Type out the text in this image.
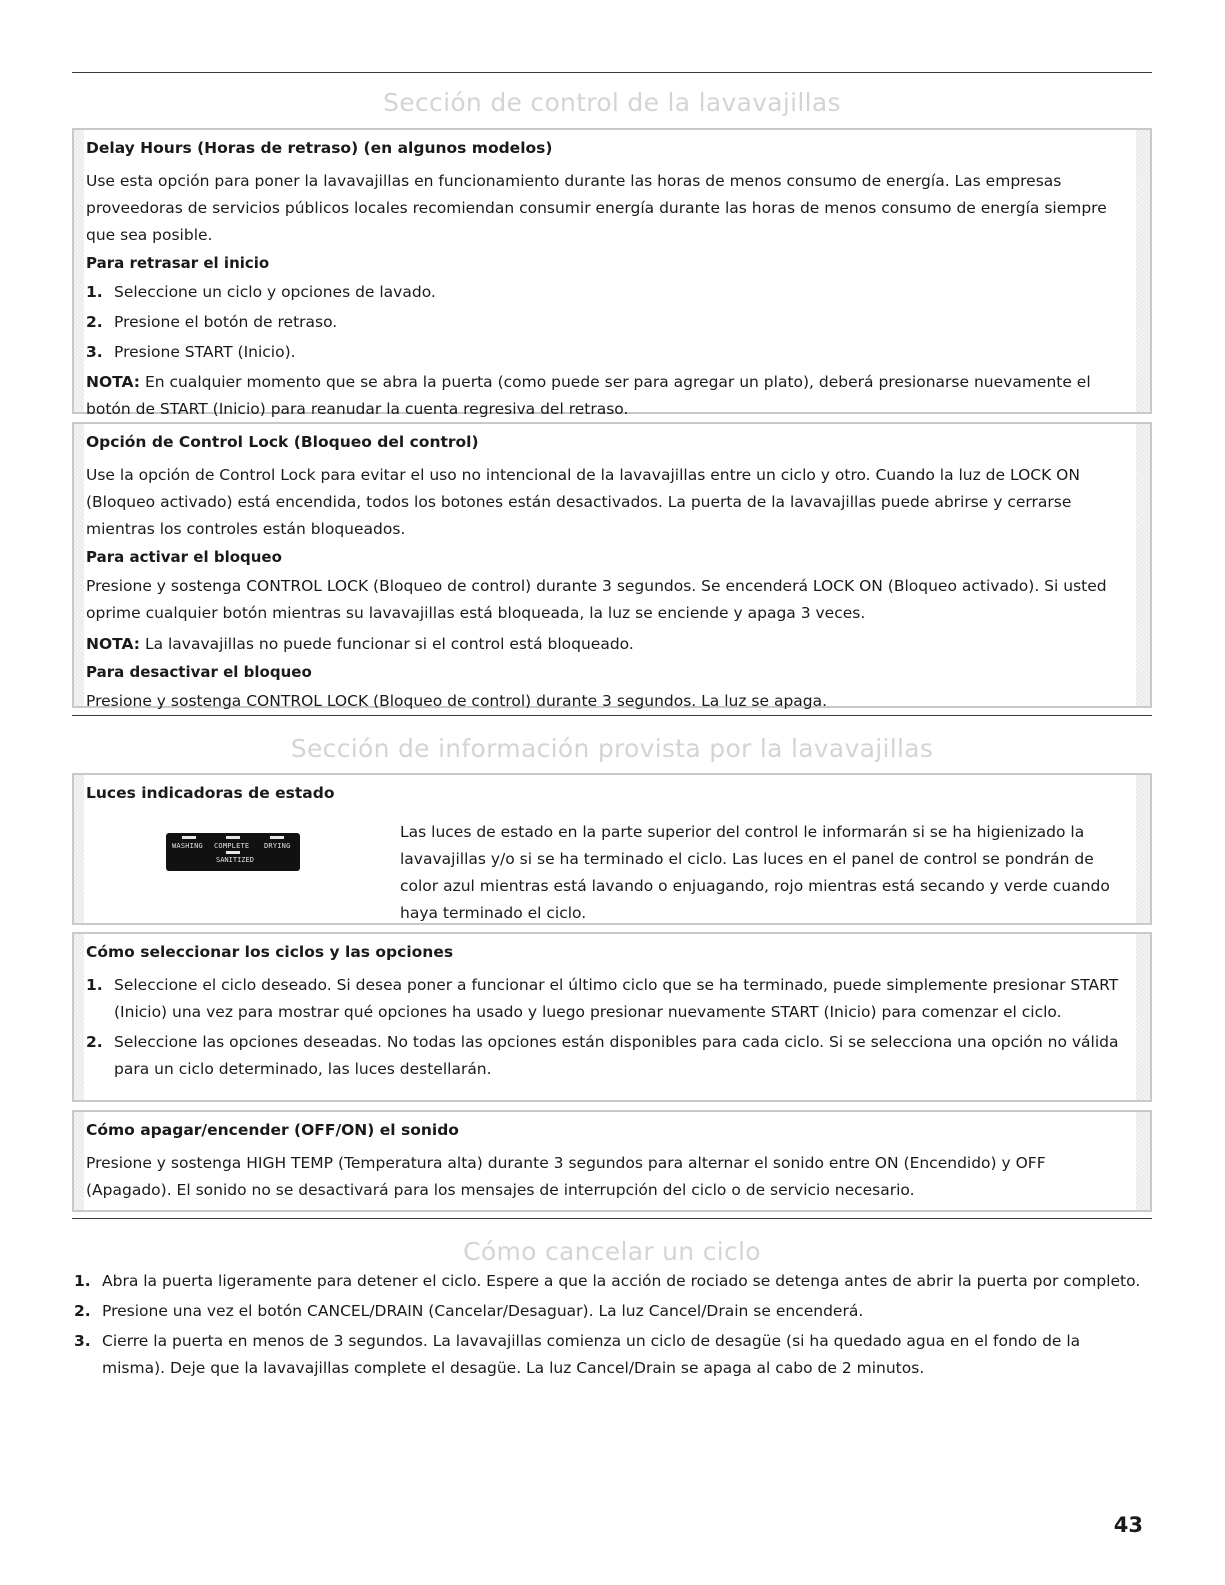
Sección de control de la lavavajillas
Delay Hours (Horas de retraso) (en algunos modelos)
Use esta opción para poner la lavavajillas en funcionamiento durante las horas de menos consumo de energía. Las empresas proveedoras de servicios públicos locales recomiendan consumir energía durante las horas de menos consumo de energía siempre que sea posible.
Para retrasar el inicio
1. Seleccione un ciclo y opciones de lavado.
2. Presione el botón de retraso.
3. Presione START (Inicio).
NOTA: En cualquier momento que se abra la puerta (como puede ser para agregar un plato), deberá presionarse nuevamente el botón de START (Inicio) para reanudar la cuenta regresiva del retraso.
Opción de Control Lock (Bloqueo del control)
Use la opción de Control Lock para evitar el uso no intencional de la lavavajillas entre un ciclo y otro. Cuando la luz de LOCK ON (Bloqueo activado) está encendida, todos los botones están desactivados. La puerta de la lavavajillas puede abrirse y cerrarse mientras los controles están bloqueados.
Para activar el bloqueo
Presione y sostenga CONTROL LOCK (Bloqueo de control) durante 3 segundos. Se encenderá LOCK ON (Bloqueo activado). Si usted oprime cualquier botón mientras su lavavajillas está bloqueada, la luz se enciende y apaga 3 veces.
NOTA: La lavavajillas no puede funcionar si el control está bloqueado.
Para desactivar el bloqueo
Presione y sostenga CONTROL LOCK (Bloqueo de control) durante 3 segundos. La luz se apaga.
Sección de información provista por la lavavajillas
Luces indicadoras de estado
WASHING COMPLETE DRYING
SANITIZED
Las luces de estado en la parte superior del control le informarán si se ha higienizado la lavavajillas y/o si se ha terminado el ciclo. Las luces en el panel de control se pondrán de color azul mientras está lavando o enjuagando, rojo mientras está secando y verde cuando haya terminado el ciclo.
Cómo seleccionar los ciclos y las opciones
1. Seleccione el ciclo deseado. Si desea poner a funcionar el último ciclo que se ha terminado, puede simplemente presionar START (Inicio) una vez para mostrar qué opciones ha usado y luego presionar nuevamente START (Inicio) para comenzar el ciclo.
2. Seleccione las opciones deseadas. No todas las opciones están disponibles para cada ciclo. Si se selecciona una opción no válida para un ciclo determinado, las luces destellarán.
Cómo apagar/encender (OFF/ON) el sonido
Presione y sostenga HIGH TEMP (Temperatura alta) durante 3 segundos para alternar el sonido entre ON (Encendido) y OFF (Apagado). El sonido no se desactivará para los mensajes de interrupción del ciclo o de servicio necesario.
Cómo cancelar un ciclo
1. Abra la puerta ligeramente para detener el ciclo. Espere a que la acción de rociado se detenga antes de abrir la puerta por completo.
2. Presione una vez el botón CANCEL/DRAIN (Cancelar/Desaguar). La luz Cancel/Drain se encenderá.
3. Cierre la puerta en menos de 3 segundos. La lavavajillas comienza un ciclo de desagüe (si ha quedado agua en el fondo de la misma). Deje que la lavavajillas complete el desagüe. La luz Cancel/Drain se apaga al cabo de 2 minutos.
43
